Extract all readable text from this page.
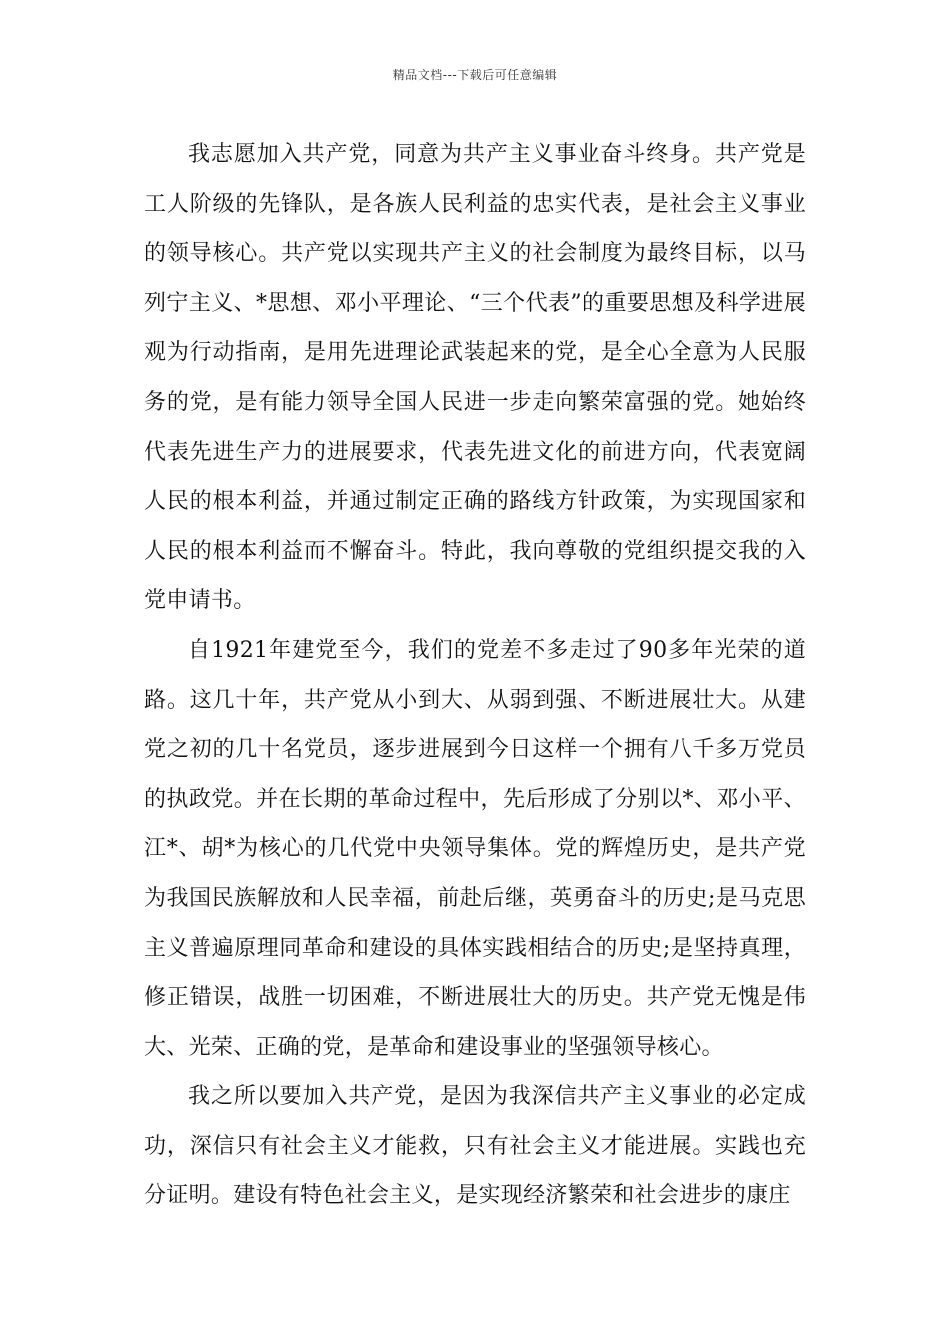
精品文档---下载后可任意编辑

我志愿加入共产党，同意为共产主义事业奋斗终身。共产党是工人阶级的先锋队，是各族人民利益的忠实代表，是社会主义事业的领导核心。共产党以实现共产主义的社会制度为最终目标，以马列宁主义、*思想、邓小平理论、“三个代表”的重要思想及科学进展观为行动指南，是用先进理论武装起来的党，是全心全意为人民服务的党，是有能力领导全国人民进一步走向繁荣富强的党。她始终代表先进生产力的进展要求，代表先进文化的前进方向，代表宽阔人民的根本利益，并通过制定正确的路线方针政策，为实现国家和人民的根本利益而不懈奋斗。特此，我向尊敬的党组织提交我的入党申请书。

自1921年建党至今，我们的党差不多走过了90多年光荣的道路。这几十年，共产党从小到大、从弱到强、不断进展壮大。从建党之初的几十名党员，逐步进展到今日这样一个拥有八千多万党员的执政党。并在长期的革命过程中，先后形成了分别以*、邓小平、江*、胡*为核心的几代党中央领导集体。党的辉煌历史，是共产党为我国民族解放和人民幸福，前赴后继，英勇奋斗的历史;是马克思主义普遍原理同革命和建设的具体实践相结合的历史;是坚持真理，修正错误，战胜一切困难，不断进展壮大的历史。共产党无愧是伟大、光荣、正确的党，是革命和建设事业的坚强领导核心。

我之所以要加入共产党，是因为我深信共产主义事业的必定成功，深信只有社会主义才能救，只有社会主义才能进展。实践也充分证明。建设有特色社会主义，是实现经济繁荣和社会进步的康庄
